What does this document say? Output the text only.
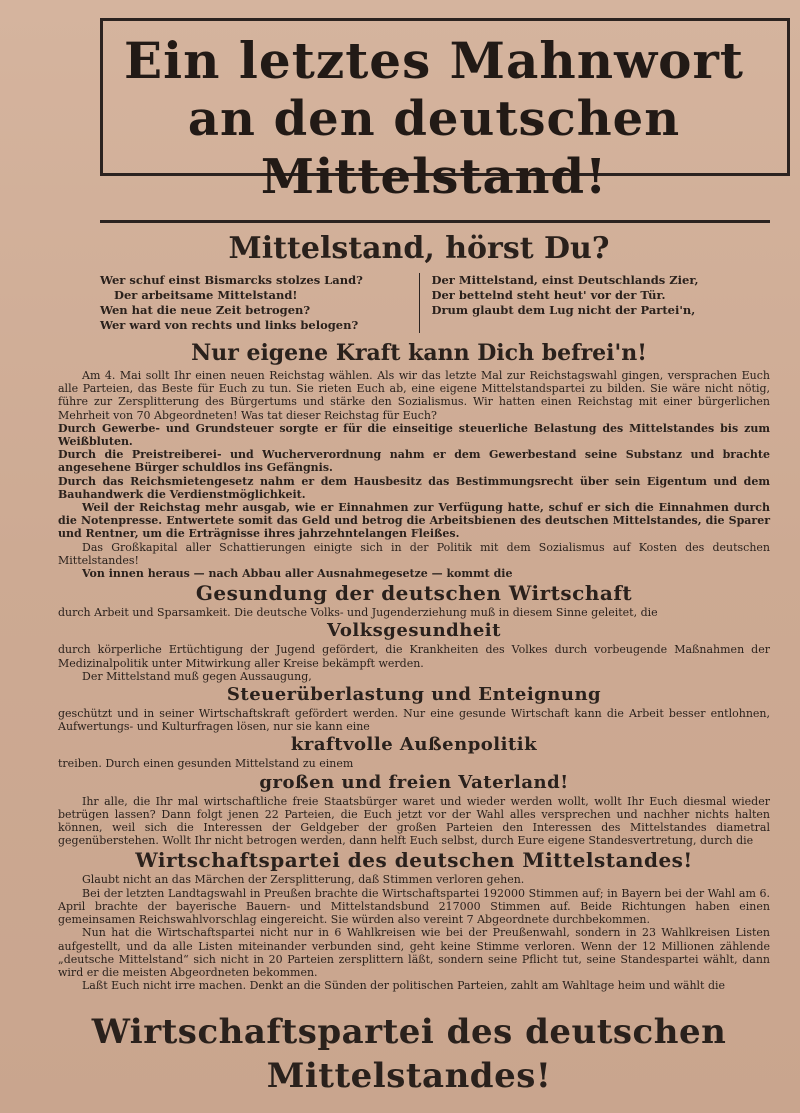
Ein letztes Mahnwort
an den deutschen Mittelstand!
Mittelstand, hörst Du?
Wer schuf einst Bismarcks stolzes Land?
Der arbeitsame Mittelstand!
Wen hat die neue Zeit betrogen?
Wer ward von rechts und links belogen?
Der Mittelstand, einst Deutschlands Zier,
Der bettelnd steht heut' vor der Tür.
Drum glaubt dem Lug nicht der Partei'n,
Nur eigene Kraft kann Dich befrei'n!
Am 4. Mai sollt Ihr einen neuen Reichstag wählen. Als wir das letzte Mal zur Reichstagswahl gingen, versprachen Euch alle Parteien, das Beste für Euch zu tun. Sie rieten Euch ab, eine eigene Mittelstandspartei zu bilden. Sie wäre nicht nötig, führe zur Zersplitterung des Bürgertums und stärke den Sozialismus. Wir hatten einen Reichstag mit einer bürgerlichen Mehrheit von 70 Abgeordneten! Was tat dieser Reichstag für Euch?
Durch Gewerbe- und Grundsteuer sorgte er für die einseitige steuerliche Belastung des Mittelstandes bis zum Weißbluten.
Durch die Preistreiberei- und Wucherverordnung nahm er dem Gewerbestand seine Substanz und brachte angesehene Bürger schuldlos ins Gefängnis.
Durch das Reichsmietengesetz nahm er dem Hausbesitz das Bestimmungsrecht über sein Eigentum und dem Bauhandwerk die Verdienstmöglichkeit.
Weil der Reichstag mehr ausgab, wie er Einnahmen zur Verfügung hatte, schuf er sich die Einnahmen durch die Notenpresse. Entwertete somit das Geld und betrog die Arbeitsbienen des deutschen Mittelstandes, die Sparer und Rentner, um die Erträgnisse ihres jahrzehntelangen Fleißes.
Das Großkapital aller Schattierungen einigte sich in der Politik mit dem Sozialismus auf Kosten des deutschen Mittelstandes!
Von innen heraus — nach Abbau aller Ausnahmegesetze — kommt die
Gesundung der deutschen Wirtschaft
durch Arbeit und Sparsamkeit. Die deutsche Volks- und Jugenderziehung muß in diesem Sinne geleitet, die
Volksgesundheit
durch körperliche Ertüchtigung der Jugend gefördert, die Krankheiten des Volkes durch vorbeugende Maßnahmen der Medizinalpolitik unter Mitwirkung aller Kreise bekämpft werden.
Der Mittelstand muß gegen Aussaugung,
Steuerüberlastung und Enteignung
geschützt und in seiner Wirtschaftskraft gefördert werden. Nur eine gesunde Wirtschaft kann die Arbeit besser entlohnen, Aufwertungs- und Kulturfragen lösen, nur sie kann eine
kraftvolle Außenpolitik
treiben. Durch einen gesunden Mittelstand zu einem
großen und freien Vaterland!
Ihr alle, die Ihr mal wirtschaftliche freie Staatsbürger waret und wieder werden wollt, wollt Ihr Euch diesmal wieder betrügen lassen? Dann folgt jenen 22 Parteien, die Euch jetzt vor der Wahl alles versprechen und nachher nichts halten können, weil sich die Interessen der Geldgeber der großen Parteien den Interessen des Mittelstandes diametral gegenüberstehen. Wollt Ihr nicht betrogen werden, dann helft Euch selbst, durch Eure eigene Standesvertretung, durch die
Wirtschaftspartei des deutschen Mittelstandes!
Glaubt nicht an das Märchen der Zersplitterung, daß Stimmen verloren gehen.
Bei der letzten Landtagswahl in Preußen brachte die Wirtschaftspartei 192000 Stimmen auf; in Bayern bei der Wahl am 6. April brachte der bayerische Bauern- und Mittelstandsbund 217000 Stimmen auf. Beide Richtungen haben einen gemeinsamen Reichswahlvorschlag eingereicht. Sie würden also vereint 7 Abgeordnete durchbekommen.
Nun hat die Wirtschaftspartei nicht nur in 6 Wahlkreisen wie bei der Preußenwahl, sondern in 23 Wahlkreisen Listen aufgestellt, und da alle Listen miteinander verbunden sind, geht keine Stimme verloren. Wenn der 12 Millionen zählende „deutsche Mittelstand“ sich nicht in 20 Parteien zersplittern läßt, sondern seine Pflicht tut, seine Standespartei wählt, dann wird er die meisten Abgeordneten bekommen.
Laßt Euch nicht irre machen. Denkt an die Sünden der politischen Parteien, zahlt am Wahltage heim und wählt die
Wirtschaftspartei des deutschen Mittelstandes!
